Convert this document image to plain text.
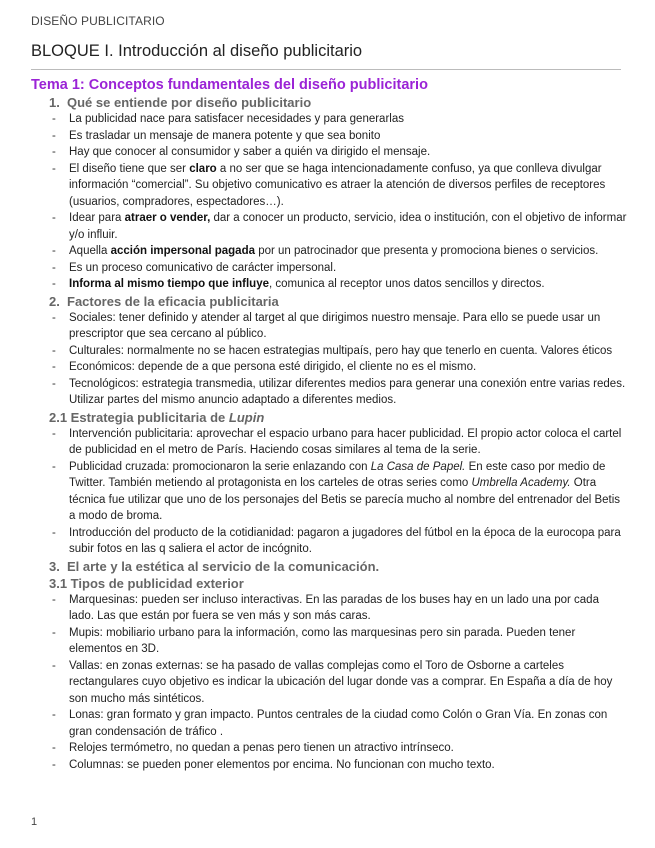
DISEÑO PUBLICITARIO
BLOQUE I. Introducción al diseño publicitario
Tema 1: Conceptos fundamentales del diseño publicitario
1. Qué se entiende por diseño publicitario
- La publicidad nace para satisfacer necesidades y para generarlas
- Es trasladar un mensaje de manera potente y que sea bonito
- Hay que conocer al consumidor y saber a quién va dirigido el mensaje.
- El diseño tiene que ser claro a no ser que se haga intencionadamente confuso, ya que conlleva divulgar información “comercial”. Su objetivo comunicativo es atraer la atención de diversos perfiles de receptores (usuarios, compradores, espectadores…).
- Idear para atraer o vender, dar a conocer un producto, servicio, idea o institución, con el objetivo de informar y/o influir.
- Aquella acción impersonal pagada por un patrocinador que presenta y promociona bienes o servicios.
- Es un proceso comunicativo de carácter impersonal.
- Informa al mismo tiempo que influye, comunica al receptor unos datos sencillos y directos.
2. Factores de la eficacia publicitaria
- Sociales: tener definido y atender al target al que dirigimos nuestro mensaje. Para ello se puede usar un prescriptor que sea cercano al público.
- Culturales: normalmente no se hacen estrategias multipaís, pero hay que tenerlo en cuenta. Valores éticos
- Económicos: depende de a que persona esté dirigido, el cliente no es el mismo.
- Tecnológicos: estrategia transmedia, utilizar diferentes medios para generar una conexión entre varias redes. Utilizar partes del mismo anuncio adaptado a diferentes medios.
2.1 Estrategia publicitaria de Lupin
- Intervención publicitaria: aprovechar el espacio urbano para hacer publicidad. El propio actor coloca el cartel de publicidad en el metro de París. Haciendo cosas similares al tema de la serie.
- Publicidad cruzada: promocionaron la serie enlazando con La Casa de Papel. En este caso por medio de Twitter. También metiendo al protagonista en los carteles de otras series como Umbrella Academy. Otra técnica fue utilizar que uno de los personajes del Betis se parecía mucho al nombre del entrenador del Betis a modo de broma.
- Introducción del producto de la cotidianidad: pagaron a jugadores del fútbol en la época de la eurocopa para subir fotos en las q saliera el actor de incógnito.
3. El arte y la estética al servicio de la comunicación.
3.1 Tipos de publicidad exterior
- Marquesinas: pueden ser incluso interactivas. En las paradas de los buses hay en un lado una por cada lado. Las que están por fuera se ven más y son más caras.
- Mupis: mobiliario urbano para la información, como las marquesinas pero sin parada. Pueden tener elementos en 3D.
- Vallas: en zonas externas: se ha pasado de vallas complejas como el Toro de Osborne a carteles rectangulares cuyo objetivo es indicar la ubicación del lugar donde vas a comprar. En España a día de hoy son mucho más sintéticos.
- Lonas: gran formato y gran impacto. Puntos centrales de la ciudad como Colón o Gran Vía. En zonas con gran condensación de tráfico .
- Relojes termómetro, no quedan a penas pero tienen un atractivo intrínseco.
- Columnas: se pueden poner elementos por encima. No funcionan con mucho texto.
1
